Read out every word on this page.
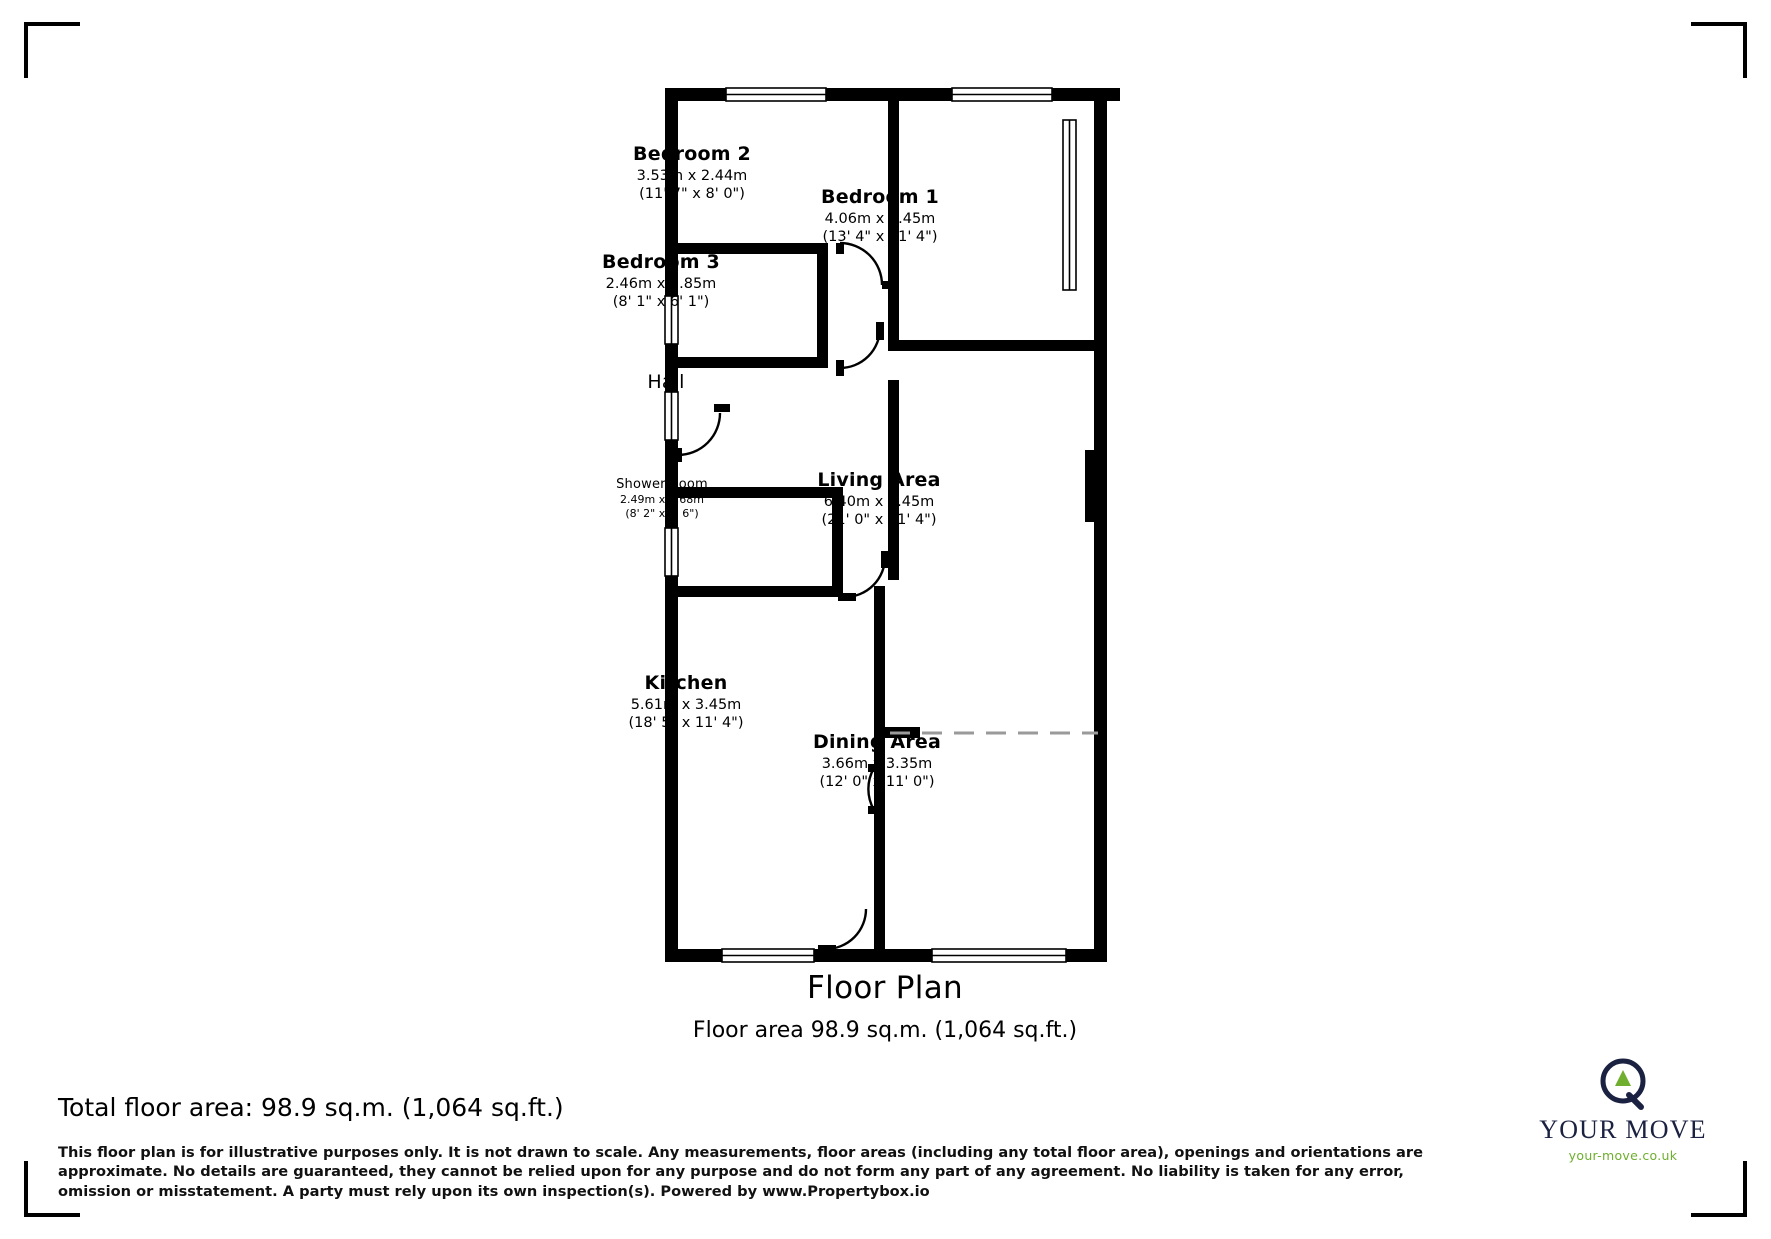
Bedroom 2
3.53m x 2.44m
(11' 7" x 8' 0")	Bedroom 1
4.06m x 3.45m
(13' 4" x 11' 4")
Bedroom 3
2.46m x 1.85m
(8' 1" x 6' 1")
Hall
Shower Room
2.49m x 1.68m
(8' 2" x 5' 6")
Living Area
6.40m x 3.45m
(21' 0" x 11' 4")
Kitchen
5.61m x 3.45m
(18' 5" x 11' 4")
Dining Area
3.66m x 3.35m
(12' 0" x 11' 0")
Floor Plan
Floor area 98.9 sq.m. (1,064 sq.ft.)
Total floor area: 98.9 sq.m. (1,064 sq.ft.)
This floor plan is for illustrative purposes only. It is not drawn to scale. Any measurements, floor areas (including any total floor area), openings and orientations are approximate. No details are guaranteed, they cannot be relied upon for any purpose and do not form any part of any agreement. No liability is taken for any error, omission or misstatement. A party must rely upon its own inspection(s). Powered by www.Propertybox.io
YOUR MOVE
your-move.co.uk
